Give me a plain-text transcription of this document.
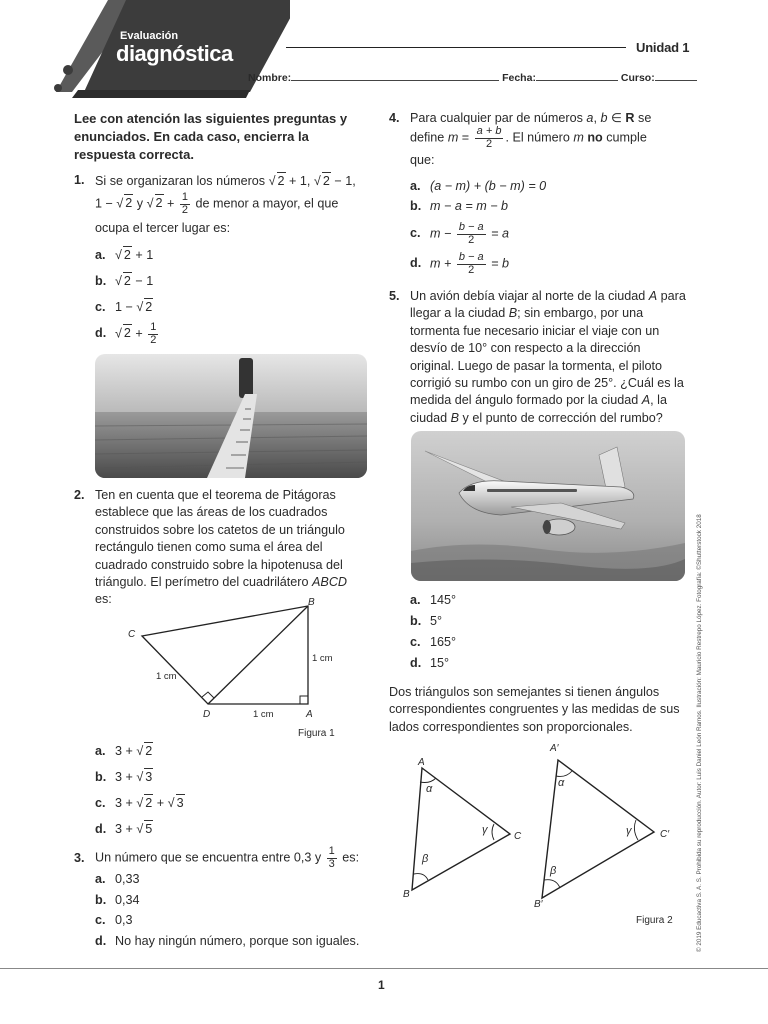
Evaluación
diagnóstica	Unidad 1
Nombre:	Fecha:	Curso:
Lee con atención las siguientes preguntas y enunciados. En cada caso, encierra la respuesta correcta.
1. Si se organizaran los números √ 2 + 1, √ 2 − 1,
1 − √ 2 y √ $2 + \frac{1}{2}$ de menor a mayor, el que
ocupa el tercer lugar es:
a. √ 2 + 1
b. √ 2 − 1
c. 1 − √ 2
d. √ $2 + \frac{1}{2}$
2. Ten en cuenta que el teorema de Pitágoras establece que las áreas de los cuadrados construidos sobre los catetos de un triángulo rectángulo tienen como suma el área del cuadrado construido sobre la hipotenusa del triángulo. El perímetro del cuadrilátero ABCD es:	B
C
D	A
1 cm
1 cm
1 cm
Figura 1
a. 3 + √ 2
b. 3 + √ 3
c. 3 + √ 2 + √ 3
d. 3 + √ 5
3. Un número que se encuentra entre 0,3 y $\frac{1}{3}$ es:
a. 0,33
b. 0,34
c. 0,3
d. No hay ningún número, porque son iguales.
4. Para cualquier par de números a, b ∈ R se
define $m = \frac{a + b}{2}$ . El número m no cumple
que:
a. (a − m) + (b − m) = 0
b. m − a = m − b
c. $m - \frac{b - a}{2} = a$
d. $m + \frac{b - a}{2} = b$
5. Un avión debía viajar al norte de la ciudad A para llegar a la ciudad B; sin embargo, por una tormenta fue necesario iniciar el viaje con un desvío de 10° con respecto a la dirección original. Luego de pasar la tormenta, el piloto corrigió su rumbo con un giro de 25°. ¿Cuál es la medida del ángulo formado por la ciudad A, la ciudad B y el punto de corrección del rumbo?
a. 145°
b. 5°
c. 165°
d. 15°
Dos triángulos son semejantes si tienen ángulos correspondientes congruentes y las medidas de sus lados correspondientes son proporcionales.
A
B
C
α
β
γ
A′
B′
C′
α
β
γ
Figura 2	© 2019 Educactiva S. A. S. Prohibida su reproducción. Autor: Luis Daniel León Ramos. Ilustración: Mauricio Restrepo López. Fotografía: ©Shutterstock 2018
1
